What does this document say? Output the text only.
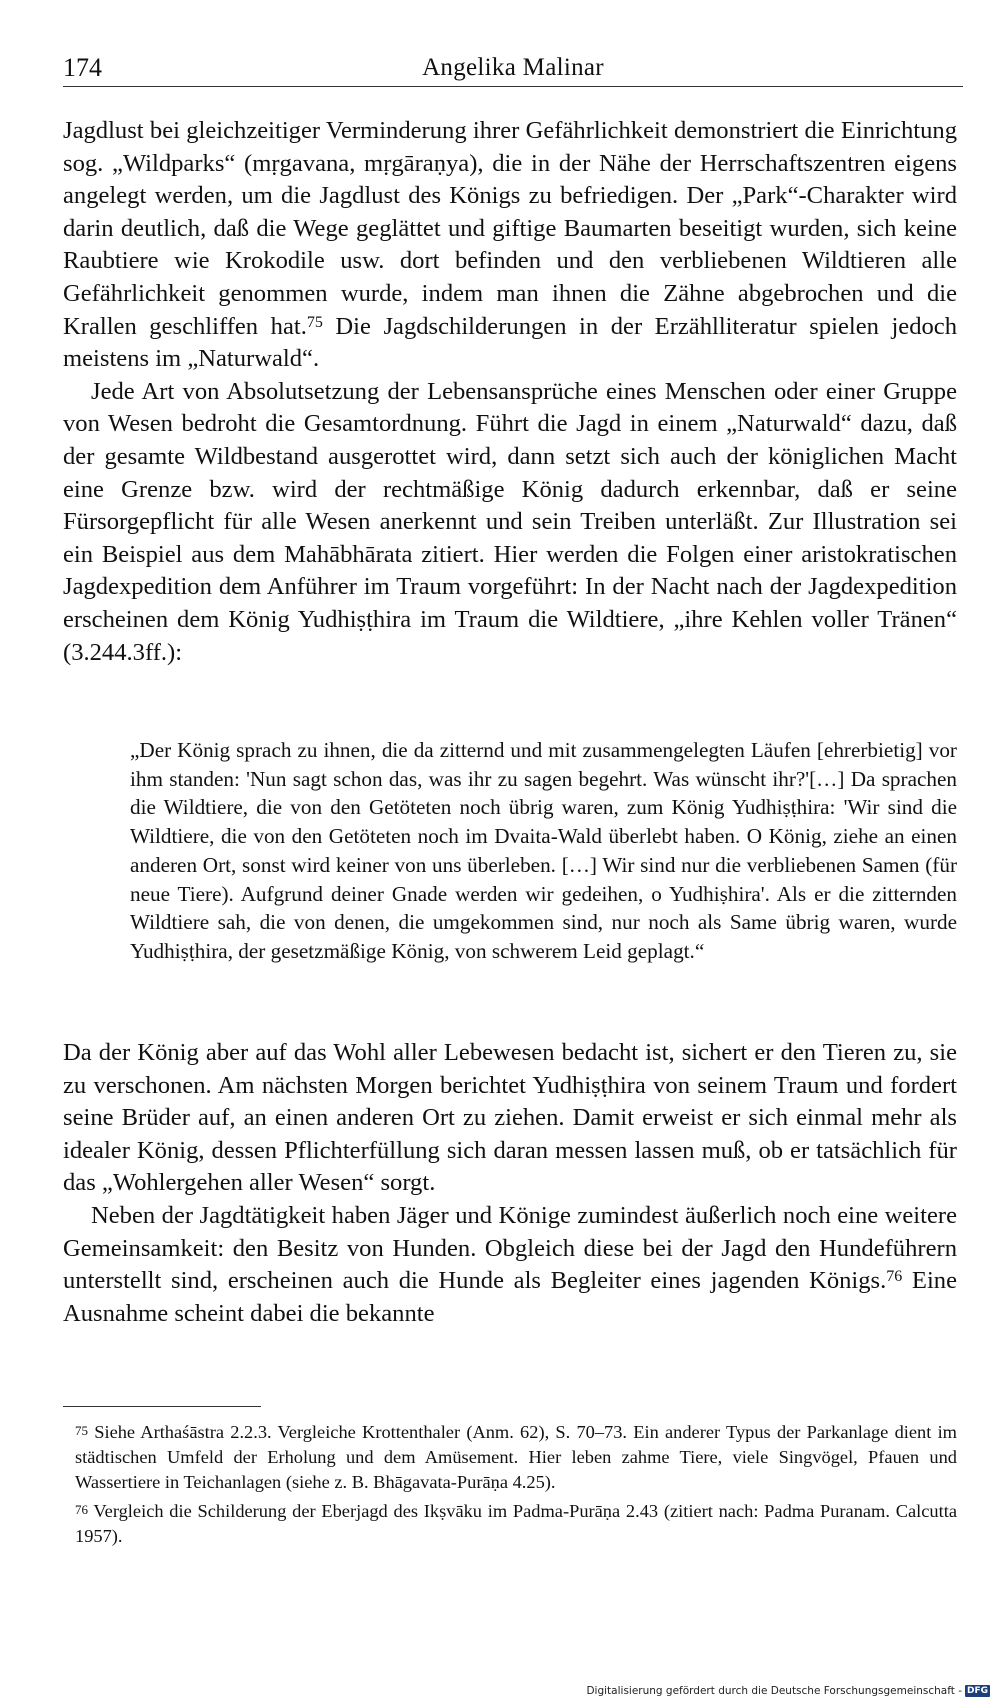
174	Angelika Malinar

Jagdlust bei gleichzeitiger Verminderung ihrer Gefährlichkeit demonstriert die Einrichtung sog. „Wildparks“ (mṛgavana, mṛgāraṇya), die in der Nähe der Herrschaftszentren eigens angelegt werden, um die Jagdlust des Königs zu befriedigen. Der „Park“-Charakter wird darin deutlich, daß die Wege geglättet und giftige Baumarten beseitigt wurden, sich keine Raubtiere wie Krokodile usw. dort befinden und den verbliebenen Wildtieren alle Gefährlichkeit genommen wurde, indem man ihnen die Zähne abgebrochen und die Krallen geschliffen hat.$^{75}$ Die Jagdschilderungen in der Erzählliteratur spielen jedoch meistens im „Naturwald“.

Jede Art von Absolutsetzung der Lebensansprüche eines Menschen oder einer Gruppe von Wesen bedroht die Gesamtordnung. Führt die Jagd in einem „Naturwald“ dazu, daß der gesamte Wildbestand ausgerottet wird, dann setzt sich auch der königlichen Macht eine Grenze bzw. wird der rechtmäßige König dadurch erkennbar, daß er seine Fürsorgepflicht für alle Wesen anerkennt und sein Treiben unterläßt. Zur Illustration sei ein Beispiel aus dem Mahābhārata zitiert. Hier werden die Folgen einer aristokratischen Jagdexpedition dem Anführer im Traum vorgeführt: In der Nacht nach der Jagdexpedition erscheinen dem König Yudhiṣṭhira im Traum die Wildtiere, „ihre Kehlen voller Tränen“ (3.244.3ff.):

„Der König sprach zu ihnen, die da zitternd und mit zusammengelegten Läufen [ehrerbietig] vor ihm standen: 'Nun sagt schon das, was ihr zu sagen begehrt. Was wünscht ihr?'[…] Da sprachen die Wildtiere, die von den Getöteten noch übrig waren, zum König Yudhiṣṭhira: 'Wir sind die Wildtiere, die von den Getöteten noch im Dvaita-Wald überlebt haben. O König, ziehe an einen anderen Ort, sonst wird keiner von uns überleben. […] Wir sind nur die verbliebenen Samen (für neue Tiere). Aufgrund deiner Gnade werden wir gedeihen, o Yudhiṣhira'. Als er die zitternden Wildtiere sah, die von denen, die umgekommen sind, nur noch als Same übrig waren, wurde Yudhiṣṭhira, der gesetzmäßige König, von schwerem Leid geplagt.“

Da der König aber auf das Wohl aller Lebewesen bedacht ist, sichert er den Tieren zu, sie zu verschonen. Am nächsten Morgen berichtet Yudhiṣṭhira von seinem Traum und fordert seine Brüder auf, an einen anderen Ort zu ziehen. Damit erweist er sich einmal mehr als idealer König, dessen Pflichterfüllung sich daran messen lassen muß, ob er tatsächlich für das „Wohlergehen aller Wesen“ sorgt.

Neben der Jagdtätigkeit haben Jäger und Könige zumindest äußerlich noch eine weitere Gemeinsamkeit: den Besitz von Hunden. Obgleich diese bei der Jagd den Hundeführern unterstellt sind, erscheinen auch die Hunde als Begleiter eines jagenden Königs.$^{76}$ Eine Ausnahme scheint dabei die bekannte

$^{75}$ Siehe Arthaśāstra 2.2.3. Vergleiche Krottenthaler (Anm. 62), S. 70–73. Ein anderer Typus der Parkanlage dient im städtischen Umfeld der Erholung und dem Amüsement. Hier leben zahme Tiere, viele Singvögel, Pfauen und Wassertiere in Teichanlagen (siehe z. B. Bhāgavata-Purāṇa 4.25).

$^{76}$ Vergleich die Schilderung der Eberjagd des Ikṣvāku im Padma-Purāṇa 2.43 (zitiert nach: Padma Puranam. Calcutta 1957).

Digitalisierung gefördert durch die Deutsche Forschungsgemeinschaft - DFG
